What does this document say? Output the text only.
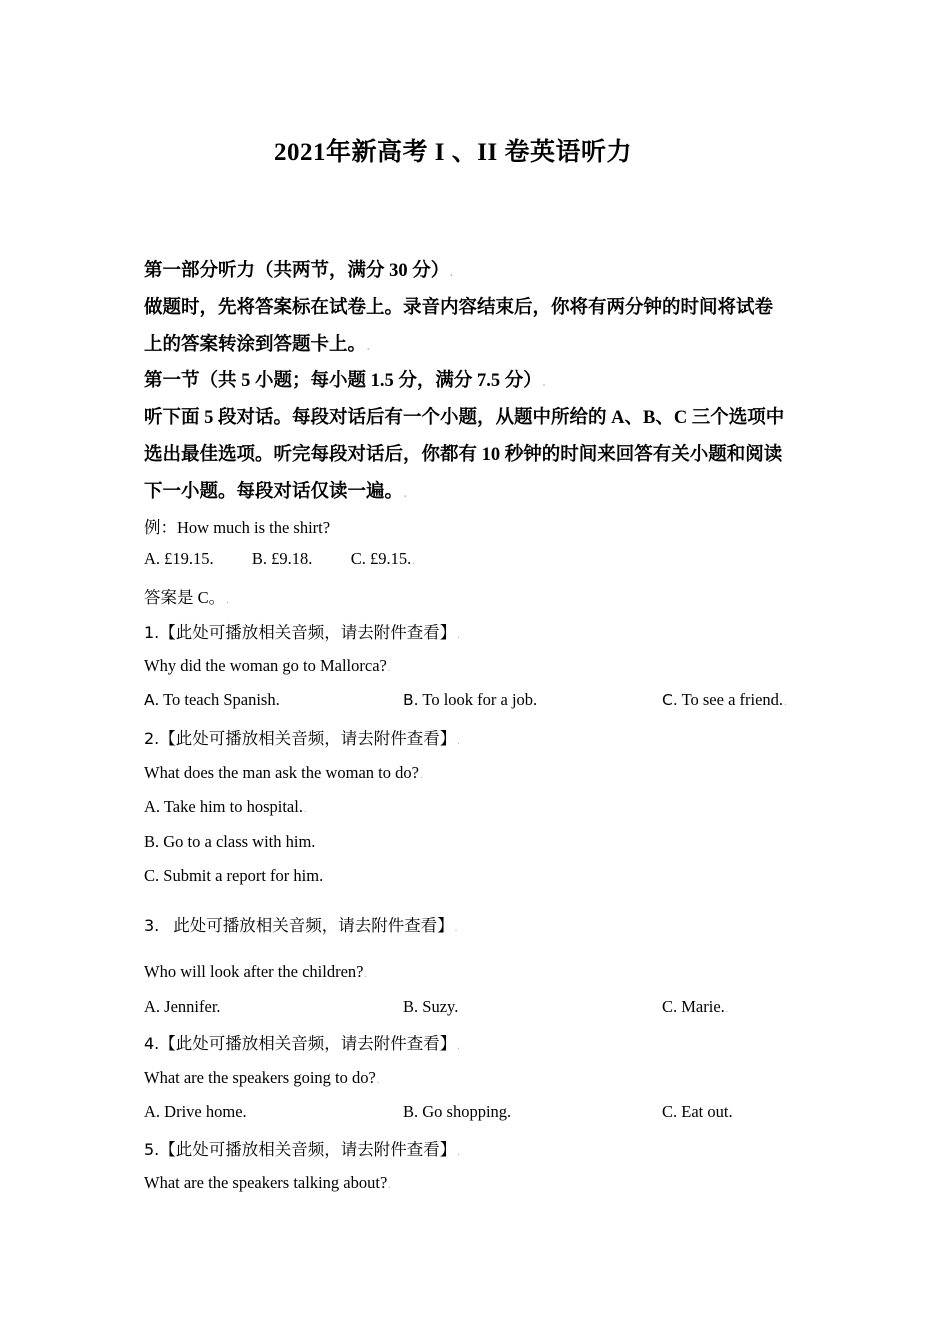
2021年新高考 I 、II 卷英语听力
第一部分听力（共两节，满分 30 分）.
做题时，先将答案标在试卷上。录音内容结束后，你将有两分钟的时间将试卷
上的答案转涂到答题卡上。.
第一节（共 5 小题；每小题 1.5 分，满分 7.5 分）.
听下面 5 段对话。每段对话后有一个小题，从题中所给的 A、B、C 三个选项中
选出最佳选项。听完每段对话后，你都有 10 秒钟的时间来回答有关小题和阅读
下一小题。每段对话仅读一遍。.
例：How much is the shirt?
A. £19.15. B. £9.18. C. £9.15..
答案是 C。.
1.【此处可播放相关音频，请去附件查看】.
Why did the woman go to Mallorca?.
A. To teach Spanish.	B. To look for a job.	C. To see a friend..
2.【此处可播放相关音频，请去附件查看】.
What does the man ask the woman to do?.
A. Take him to hospital..
B. Go to a class with him.
C. Submit a report for him.
3. 此处可播放相关音频，请去附件查看】.
Who will look after the children?.
A. Jennifer.	B. Suzy.	C. Marie..
4.【此处可播放相关音频，请去附件查看】.
What are the speakers going to do?.
A. Drive home.	B. Go shopping.	C. Eat out.
5.【此处可播放相关音频，请去附件查看】.
What are the speakers talking about?.
